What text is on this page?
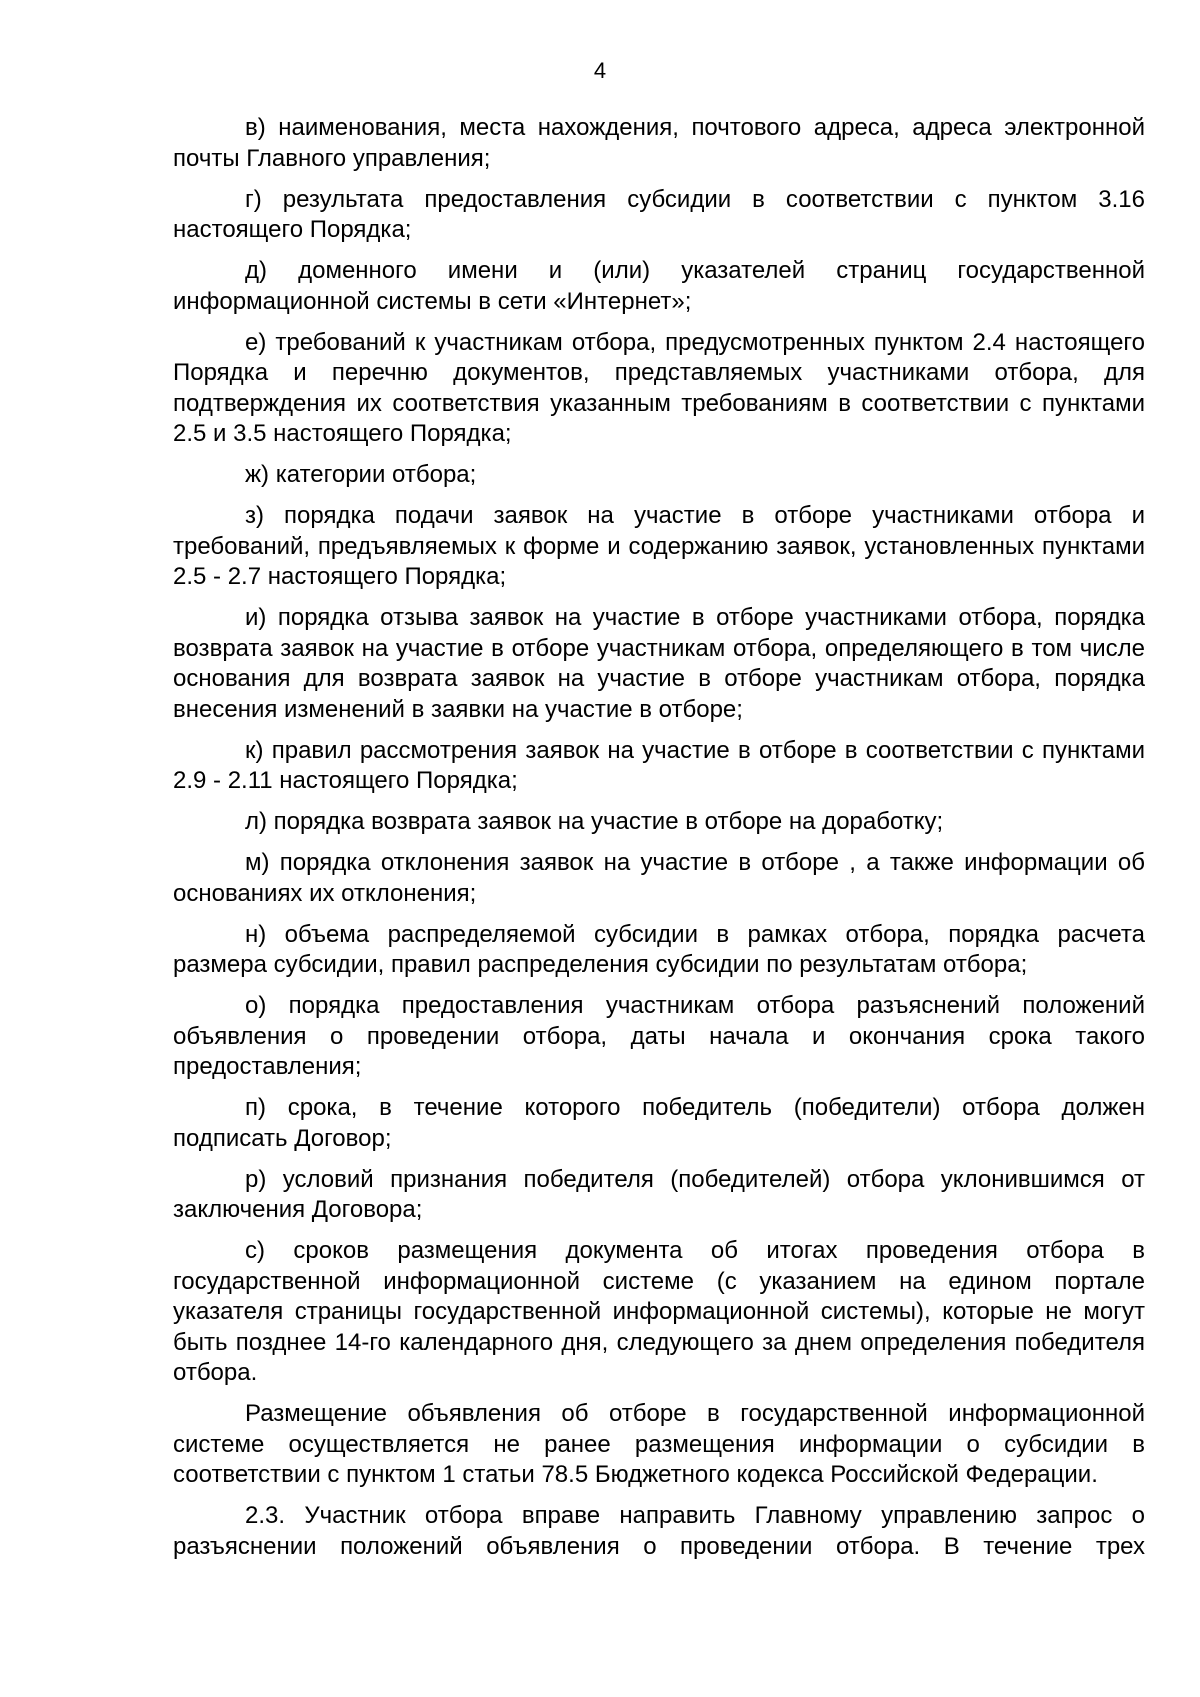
4

в) наименования, места нахождения, почтового адреса, адреса электронной почты Главного управления;

г) результата предоставления субсидии в соответствии с пунктом 3.16 настоящего Порядка;

д) доменного имени и (или) указателей страниц государственной информационной системы в сети «Интернет»;

е) требований к участникам отбора, предусмотренных пунктом 2.4 настоящего Порядка и перечню документов, представляемых участниками отбора, для подтверждения их соответствия указанным требованиям в соответствии с пунктами 2.5 и 3.5 настоящего Порядка;

ж) категории отбора;

з) порядка подачи заявок на участие в отборе участниками отбора и требований, предъявляемых к форме и содержанию заявок, установленных пунктами 2.5 - 2.7 настоящего Порядка;

и) порядка отзыва заявок на участие в отборе участниками отбора, порядка возврата заявок на участие в отборе участникам отбора, определяющего в том числе основания для возврата заявок на участие в отборе участникам отбора, порядка внесения изменений в заявки на участие в отборе;

к) правил рассмотрения заявок на участие в отборе в соответствии с пунктами 2.9 - 2.11 настоящего Порядка;

л) порядка возврата заявок на участие в отборе на доработку;

м) порядка отклонения заявок на участие в отборе , а также информации об основаниях их отклонения;

н) объема распределяемой субсидии в рамках отбора, порядка расчета размера субсидии, правил распределения субсидии по результатам отбора;

о) порядка предоставления участникам отбора разъяснений положений объявления о проведении отбора, даты начала и окончания срока такого предоставления;

п) срока, в течение которого победитель (победители) отбора должен подписать Договор;

р) условий признания победителя (победителей) отбора уклонившимся от заключения Договора;

с) сроков размещения документа об итогах проведения отбора в государственной информационной системе (с указанием на едином портале указателя страницы государственной информационной системы), которые не могут быть позднее 14-го календарного дня, следующего за днем определения победителя отбора.

Размещение объявления об отборе в государственной информационной системе осуществляется не ранее размещения информации о субсидии в соответствии с пунктом 1 статьи 78.5 Бюджетного кодекса Российской Федерации.

2.3. Участник отбора вправе направить Главному управлению запрос о разъяснении положений объявления о проведении отбора. В течение трех
